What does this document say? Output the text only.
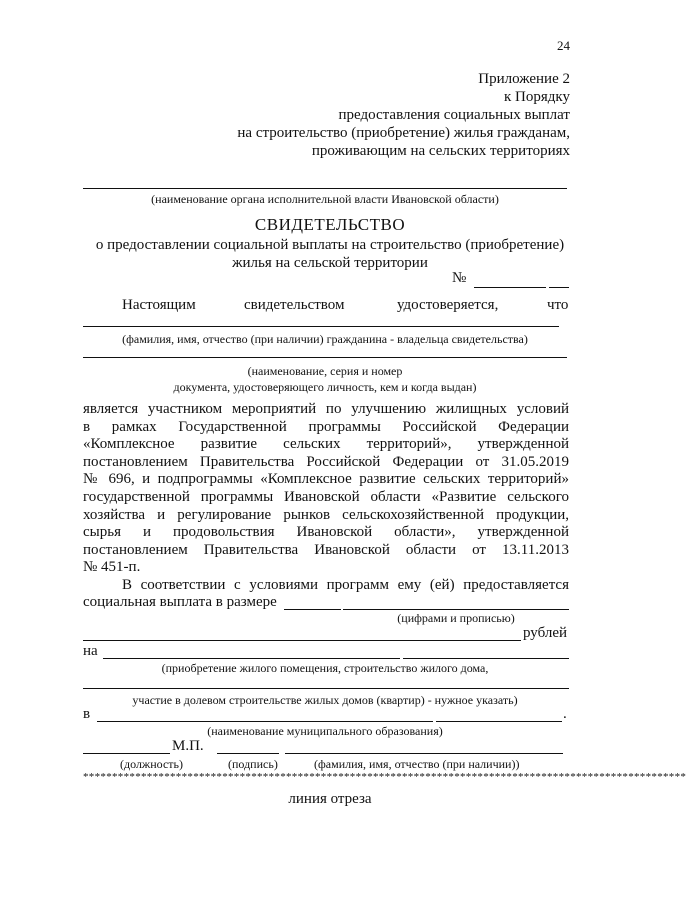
24
Приложение 2
к Порядку
предоставления социальных выплат
на строительство (приобретение) жилья гражданам,
проживающим на сельских территориях
(наименование органа исполнительной власти Ивановской области)
СВИДЕТЕЛЬСТВО
о предоставлении социальной выплаты на строительство (приобретение)
жилья на сельской территории
№
Настоящим	свидетельством	удостоверяется,	что
(фамилия, имя, отчество (при наличии) гражданина - владельца свидетельства)
(наименование, серия и номер
документа, удостоверяющего личность, кем и когда выдан)
является участником мероприятий по улучшению жилищных условий
в рамках Государственной программы Российской Федерации
«Комплексное развитие сельских территорий», утвержденной
постановлением Правительства Российской Федерации от 31.05.2019
№ 696, и подпрограммы «Комплексное развитие сельских территорий»
государственной программы Ивановской области «Развитие сельского
хозяйства и регулирование рынков сельскохозяйственной продукции,
сырья и продовольствия Ивановской области», утвержденной
постановлением Правительства Ивановской области от 13.11.2013
№ 451-п.
В соответствии с условиями программ ему (ей) предоставляется
социальная выплата в размере
(цифрами и прописью)
рублей
на
(приобретение жилого помещения, строительство жилого дома,
участие в долевом строительстве жилых домов (квартир) - нужное указать)
в	.
(наименование муниципального образования)
М.П.
(должность)	(подпись)	(фамилия, имя, отчество (при наличии))
********************************************************************************************************
линия отреза
